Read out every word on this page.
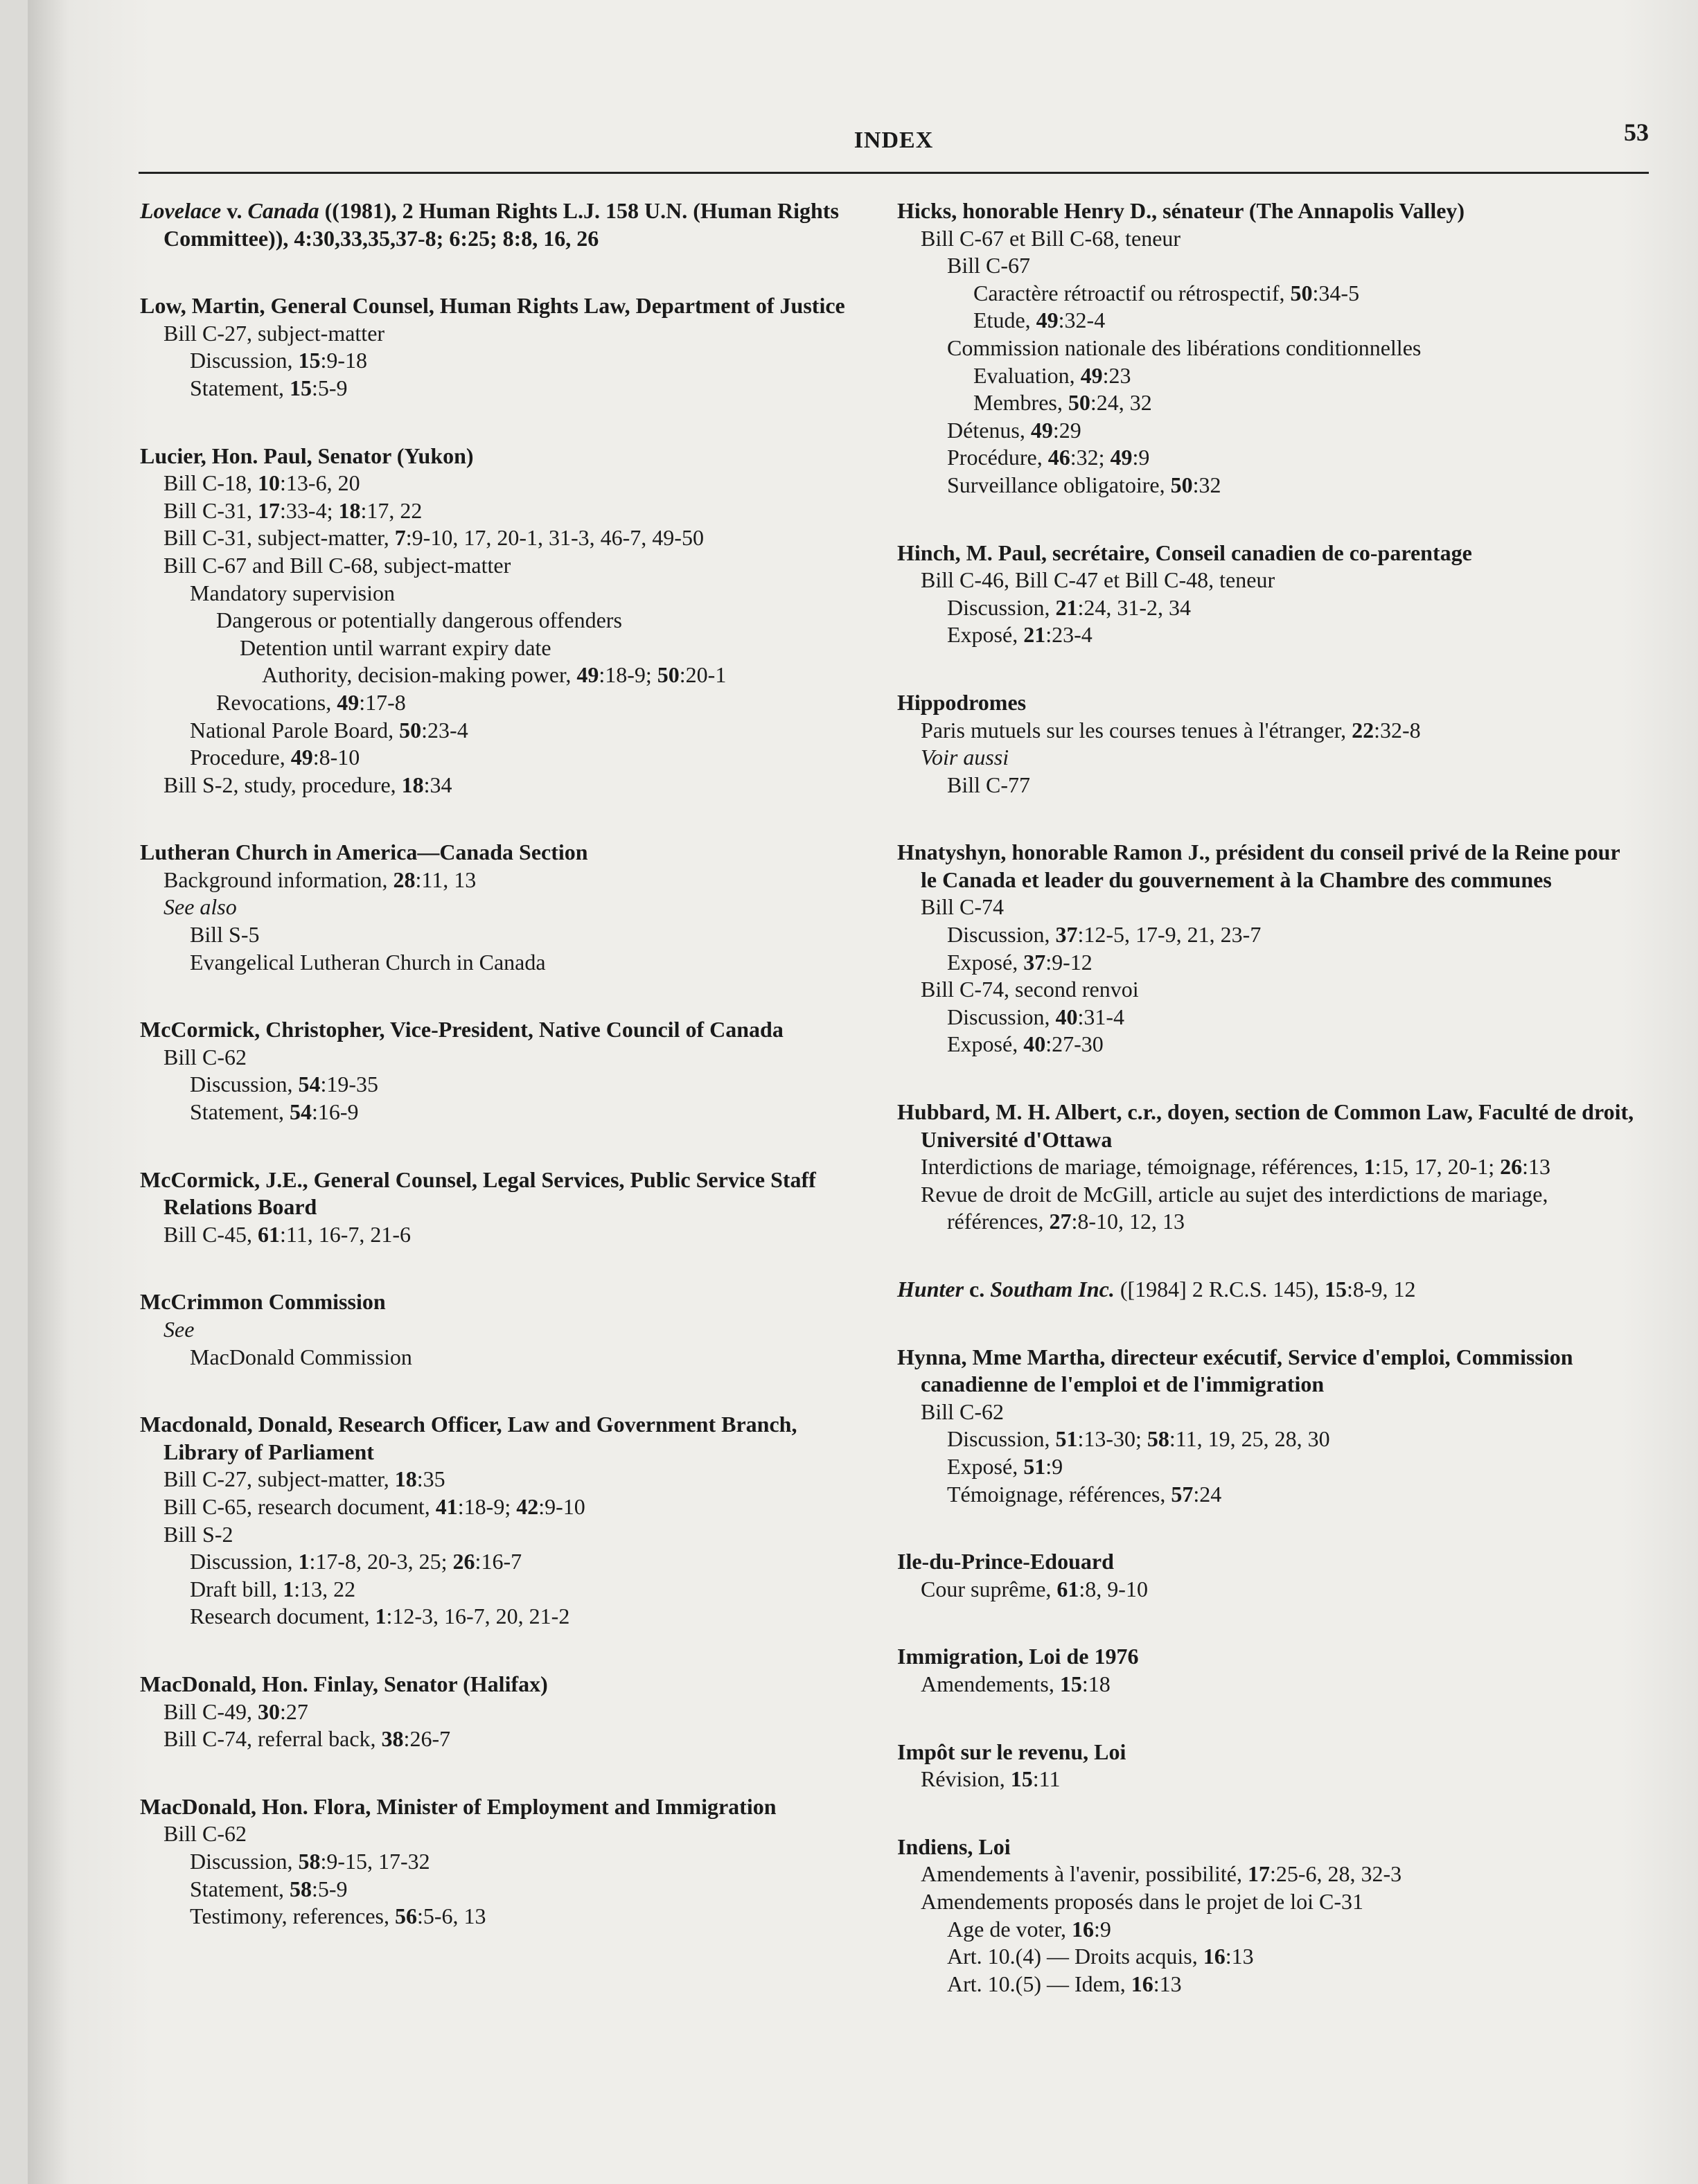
INDEX	53
Lovelace v. Canada ((1981), 2 Human Rights L.J. 158 U.N. (Human Rights Committee)), 4:30,33,35,37-8; 6:25; 8:8, 16, 26
Low, Martin, General Counsel, Human Rights Law, Department of Justice
Bill C-27, subject-matter
Discussion, 15:9-18
Statement, 15:5-9
Lucier, Hon. Paul, Senator (Yukon)
Bill C-18, 10:13-6, 20
Bill C-31, 17:33-4; 18:17, 22
Bill C-31, subject-matter, 7:9-10, 17, 20-1, 31-3, 46-7, 49-50
Bill C-67 and Bill C-68, subject-matter
Mandatory supervision
Dangerous or potentially dangerous offenders
Detention until warrant expiry date
Authority, decision-making power, 49:18-9; 50:20-1
Revocations, 49:17-8
National Parole Board, 50:23-4
Procedure, 49:8-10
Bill S-2, study, procedure, 18:34
Lutheran Church in America—Canada Section
Background information, 28:11, 13
See also
Bill S-5
Evangelical Lutheran Church in Canada
McCormick, Christopher, Vice-President, Native Council of Canada
Bill C-62
Discussion, 54:19-35
Statement, 54:16-9
McCormick, J.E., General Counsel, Legal Services, Public Service Staff Relations Board
Bill C-45, 61:11, 16-7, 21-6
McCrimmon Commission
See
MacDonald Commission
Macdonald, Donald, Research Officer, Law and Government Branch, Library of Parliament
Bill C-27, subject-matter, 18:35
Bill C-65, research document, 41:18-9; 42:9-10
Bill S-2
Discussion, 1:17-8, 20-3, 25; 26:16-7
Draft bill, 1:13, 22
Research document, 1:12-3, 16-7, 20, 21-2
MacDonald, Hon. Finlay, Senator (Halifax)
Bill C-49, 30:27
Bill C-74, referral back, 38:26-7
MacDonald, Hon. Flora, Minister of Employment and Immigration
Bill C-62
Discussion, 58:9-15, 17-32
Statement, 58:5-9
Testimony, references, 56:5-6, 13
Hicks, honorable Henry D., sénateur (The Annapolis Valley)
Bill C-67 et Bill C-68, teneur
Bill C-67
Caractère rétroactif ou rétrospectif, 50:34-5
Etude, 49:32-4
Commission nationale des libérations conditionnelles
Evaluation, 49:23
Membres, 50:24, 32
Détenus, 49:29
Procédure, 46:32; 49:9
Surveillance obligatoire, 50:32
Hinch, M. Paul, secrétaire, Conseil canadien de co-parentage
Bill C-46, Bill C-47 et Bill C-48, teneur
Discussion, 21:24, 31-2, 34
Exposé, 21:23-4
Hippodromes
Paris mutuels sur les courses tenues à l'étranger, 22:32-8
Voir aussi
Bill C-77
Hnatyshyn, honorable Ramon J., président du conseil privé de la Reine pour le Canada et leader du gouvernement à la Chambre des communes
Bill C-74
Discussion, 37:12-5, 17-9, 21, 23-7
Exposé, 37:9-12
Bill C-74, second renvoi
Discussion, 40:31-4
Exposé, 40:27-30
Hubbard, M. H. Albert, c.r., doyen, section de Common Law, Faculté de droit, Université d'Ottawa
Interdictions de mariage, témoignage, références, 1:15, 17, 20-1; 26:13
Revue de droit de McGill, article au sujet des interdictions de mariage, références, 27:8-10, 12, 13
Hunter c. Southam Inc. ([1984] 2 R.C.S. 145), 15:8-9, 12
Hynna, Mme Martha, directeur exécutif, Service d'emploi, Commission canadienne de l'emploi et de l'immigration
Bill C-62
Discussion, 51:13-30; 58:11, 19, 25, 28, 30
Exposé, 51:9
Témoignage, références, 57:24
Ile-du-Prince-Edouard
Cour suprême, 61:8, 9-10
Immigration, Loi de 1976
Amendements, 15:18
Impôt sur le revenu, Loi
Révision, 15:11
Indiens, Loi
Amendements à l'avenir, possibilité, 17:25-6, 28, 32-3
Amendements proposés dans le projet de loi C-31
Age de voter, 16:9
Art. 10.(4) — Droits acquis, 16:13
Art. 10.(5) — Idem, 16:13
